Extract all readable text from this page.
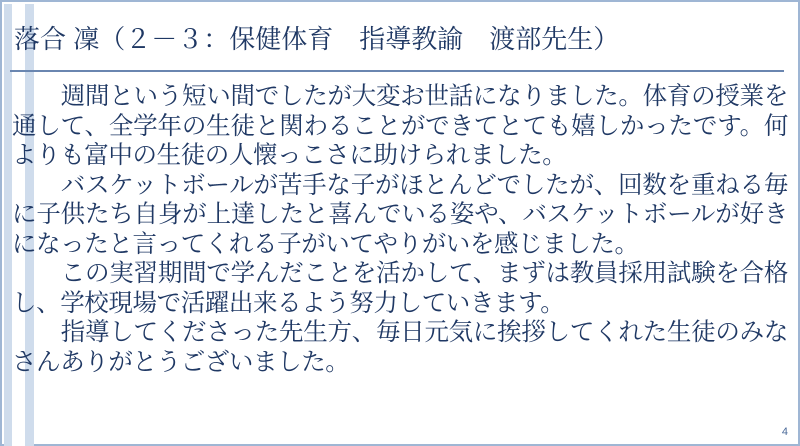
落合 凜（２－３：保健体育　指導教諭　渡部先生）

　週間という短い間でしたが大変お世話になりました。体育の授業を通して、全学年の生徒と関わることができてとても嬉しかったです。何よりも富中の生徒の人懐っこさに助けられました。

　バスケットボールが苦手な子がほとんどでしたが、回数を重ねる毎に子供たち自身が上達したと喜んでいる姿や、バスケットボールが好きになったと言ってくれる子がいてやりがいを感じました。

　この実習期間で学んだことを活かして、まずは教員採用試験を合格し、学校現場で活躍出来るよう努力していきます。

　指導してくださった先生方、毎日元気に挨拶してくれた生徒のみなさんありがとうございました。

4
